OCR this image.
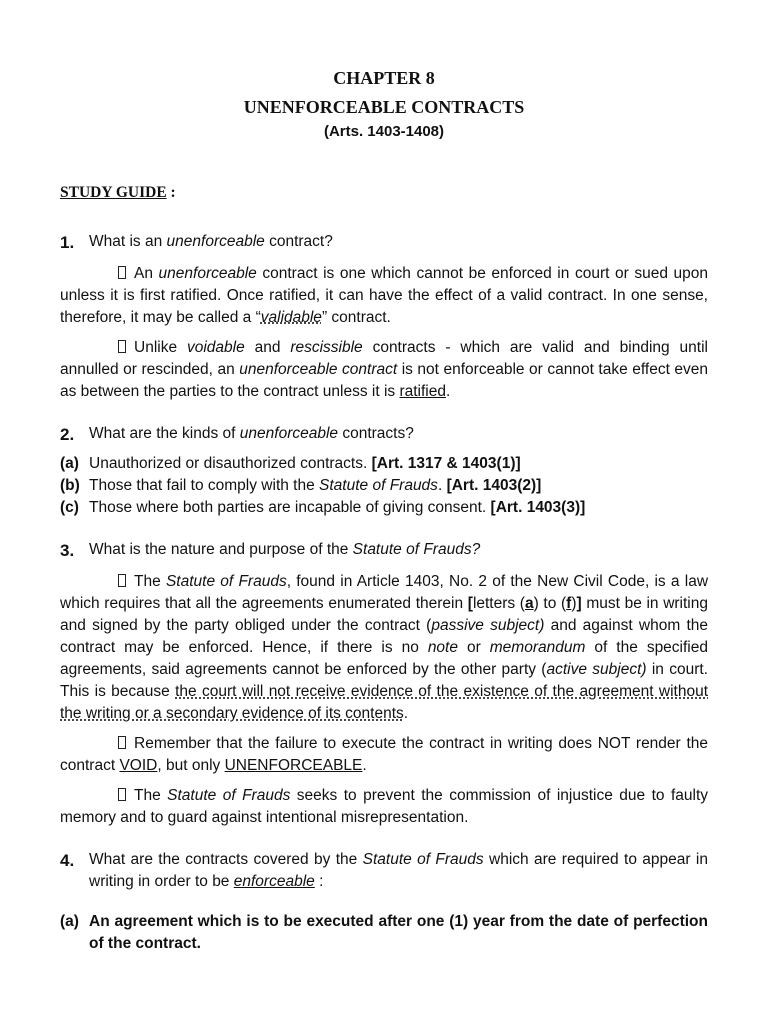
CHAPTER 8
UNENFORCEABLE CONTRACTS
(Arts. 1403-1408)
STUDY GUIDE :
1. What is an unenforceable contract?
An unenforceable contract is one which cannot be enforced in court or sued upon unless it is first ratified. Once ratified, it can have the effect of a valid contract. In one sense, therefore, it may be called a “validable” contract.
Unlike voidable and rescissible contracts - which are valid and binding until annulled or rescinded, an unenforceable contract is not enforceable or cannot take effect even as between the parties to the contract unless it is ratified.
2. What are the kinds of unenforceable contracts?
(a) Unauthorized or disauthorized contracts. [Art. 1317 & 1403(1)]
(b) Those that fail to comply with the Statute of Frauds. [Art. 1403(2)]
(c) Those where both parties are incapable of giving consent. [Art. 1403(3)]
3. What is the nature and purpose of the Statute of Frauds?
The Statute of Frauds, found in Article 1403, No. 2 of the New Civil Code, is a law which requires that all the agreements enumerated therein [letters (a) to (f)] must be in writing and signed by the party obliged under the contract (passive subject) and against whom the contract may be enforced. Hence, if there is no note or memorandum of the specified agreements, said agreements cannot be enforced by the other party (active subject) in court. This is because the court will not receive evidence of the existence of the agreement without the writing or a secondary evidence of its contents.
Remember that the failure to execute the contract in writing does NOT render the contract VOID, but only UNENFORCEABLE.
The Statute of Frauds seeks to prevent the commission of injustice due to faulty memory and to guard against intentional misrepresentation.
4. What are the contracts covered by the Statute of Frauds which are required to appear in writing in order to be enforceable :
(a) An agreement which is to be executed after one (1) year from the date of perfection of the contract.
